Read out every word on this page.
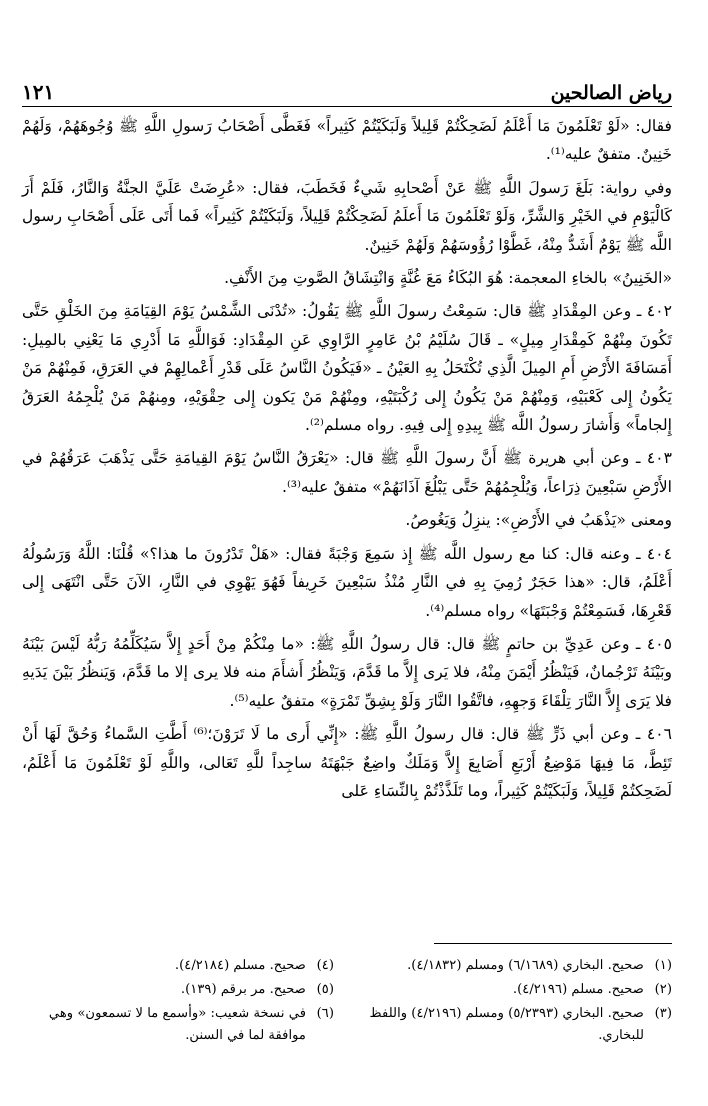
رياض الصالحين
١٢١

فقال: «لَوْ تَعْلَمُونَ مَا أَعْلَمُ لَضَحِكْتُمْ قَلِيلاً وَلَبَكَيْتُمْ كَثِيراً» فَغَطَّى أَصْحَابُ رَسولِ اللَّهِ ﷺ وُجُوهَهُمْ، وَلَهُمْ خَنِينٌ. متفقٌ عليه⁽¹⁾.

وفي رواية: بَلَغَ رَسولَ اللَّهِ ﷺ عَنْ أَصْحابِهِ شَيءٌ فَخَطَبَ، فقال: «عُرِضَتْ عَلَيَّ الجنَّةُ وَالنَّارُ، فَلَمْ أَرَ كَالْيَوْمِ في الخَيْرِ وَالشَّرِّ، وَلَوْ تَعْلَمُونَ مَا أَعلَمُ لَضَحِكْتُمْ قَلِيلاً، وَلَبَكَيْتُمْ كَثِيراً» فَما أَتَى عَلَى أَصْحَابِ رسول اللَّه ﷺ يَوْمٌ أَشَدُّ مِنْهُ، غَطَّوْا رُؤُوسَهُمْ وَلَهُمْ خَنِينٌ.

«الخَنِينُ» بالخاءِ المعجمة: هُوَ البُكَاءُ مَعَ غُنَّةٍ وَانْتِشَاقُ الصَّوتِ مِنَ الأَنْفِ.

٤٠٢ ـ وعن المِقْدَادِ ﷺ قال: سَمِعْتُ رسولَ اللَّهِ ﷺ يَقُولُ: «تُدْنَى الشَّمْسُ يَوْمَ القِيَامَةِ مِنَ الخَلْقِ حَتَّى تَكُونَ مِنْهُمْ كَمِقْدَارِ مِيلٍ» ـ قَالَ سُلَيْمُ بْنُ عَامِرٍ الرَّاوِي عَنِ المِقْدَادِ: فَوَاللَّهِ مَا أَدْرِي مَا يَعْنِي بالمِيلِ: أَمَسَافَةَ الأَرْضِ أَمِ المِيلَ الَّذِي تُكْتَحَلُ بِهِ العَيْنُ ـ «فَيَكُونُ النَّاسُ عَلَى قَدْرِ أَعْمالِهِمْ في العَرَقِ، فَمِنْهُمْ مَنْ يَكُونُ إِلى كَعْبَيْهِ، وَمِنْهُمْ مَنْ يَكُونُ إِلى رُكْبَتَيْهِ، ومِنْهُمْ مَنْ يَكون إِلى حِقْوَيْهِ، ومِنهُمْ مَنْ يُلْجِمُهُ العَرَقُ إِلجاماً» وَأَشارَ رسولُ اللَّه ﷺ بِيدِهِ إِلى فِيهِ. رواه مسلم⁽²⁾.

٤٠٣ ـ وعن أبي هريرة ﷺ أَنَّ رسولَ اللَّهِ ﷺ قال: «يَعْرَقُ النَّاسُ يَوْمَ القِيامَةِ حَتَّى يَذْهَبَ عَرَقُهُمْ في الأَرْضِ سَبْعِينَ ذِرَاعاً، وَيُلْجِمُهُمْ حَتَّى يَبْلُغَ آذَانَهُمْ» متفقٌ عليه⁽³⁾.

ومعنى «يَذْهَبُ في الأَرْضِ»: ينزِلُ وَيَغُوصُ.

٤٠٤ ـ وعنه قال: كنا مع رسول اللَّه ﷺ إِذ سَمِعَ وَجْبَةً فقال: «هَلْ تَدْرُونَ ما هذا؟» قُلْنَا: اللَّهُ وَرَسُولُهُ أَعْلَمُ، قال: «هذا حَجَرٌ رُمِيَ بِهِ في النَّارِ مُنْذُ سَبْعِينَ خَرِيفاً فَهُوَ يَهْوِي في النَّارِ، الآنَ حَتَّى انْتَهَى إِلى قَعْرِهَا، فَسَمِعْتُمْ وَجْبَتَهَا» رواه مسلم⁽⁴⁾.

٤٠٥ ـ وعن عَدِيِّ بن حاتمٍ ﷺ قال: قال رسولُ اللَّهِ ﷺ: «ما مِنْكُمْ مِنْ أَحَدٍ إِلاَّ سَيُكَلِّمُهُ رَبُّهُ لَيْسَ بَيْنَهُ وبَيْنَهُ تَرْجُمانٌ، فَيَنْظُرُ أَيْمَنَ مِنْهُ، فلا يَرى إِلاَّ ما قَدَّمَ، وَيَنْظُرُ أَشأَمَ منه فلا يرى إلا ما قَدَّمَ، وَيَنظُرُ بَيْنَ يَدَيهِ فلا يَرَى إِلاَّ النَّارَ تِلْقَاءَ وَجهِهِ، فاتَّقُوا النَّارَ وَلَوْ بِشِقِّ تَمْرَةٍ» متفقٌ عليه⁽⁵⁾.

٤٠٦ ـ وعن أبي ذَرٍّ ﷺ قال: قال رسولُ اللَّهِ ﷺ: «إِنِّي أَرى ما لَا تَرَوْنَ؛⁽⁶⁾ أَطَّتِ السَّماءُ وَحُقَّ لَهَا أَنْ تَئِطَّ، مَا فِيهَا مَوْضِعُ أَرْبَعِ أَصَابِعَ إِلاَّ وَمَلَكٌ واضِعٌ جَبْهَتَهُ ساجِداً للَّهِ تَعَالى، واللَّهِ لَوْ تَعْلَمُونَ مَا أَعْلَمُ، لَضَحِكتُمْ قَلِيلاً، وَلَبَكَيْتُمْ كَثِيراً، وما تَلَذَّذْتُمْ بِالنِّسَاءِ عَلى

(١)
صحيح. البخاري (٦/١٦٨٩) ومسلم (٤/١٨٣٢).
(٤)
صحيح. مسلم (٤/٢١٨٤).
(٢)
صحيح. مسلم (٤/٢١٩٦).
(٥)
صحيح. مر برقم (١٣٩).
(٣)
صحيح. البخاري (٥/٢٣٩٣) ومسلم (٤/٢١٩٦) واللفظ للبخاري.
(٦)
في نسخة شعيب: «وأسمع ما لا تسمعون» وهي موافقة لما في السنن.
